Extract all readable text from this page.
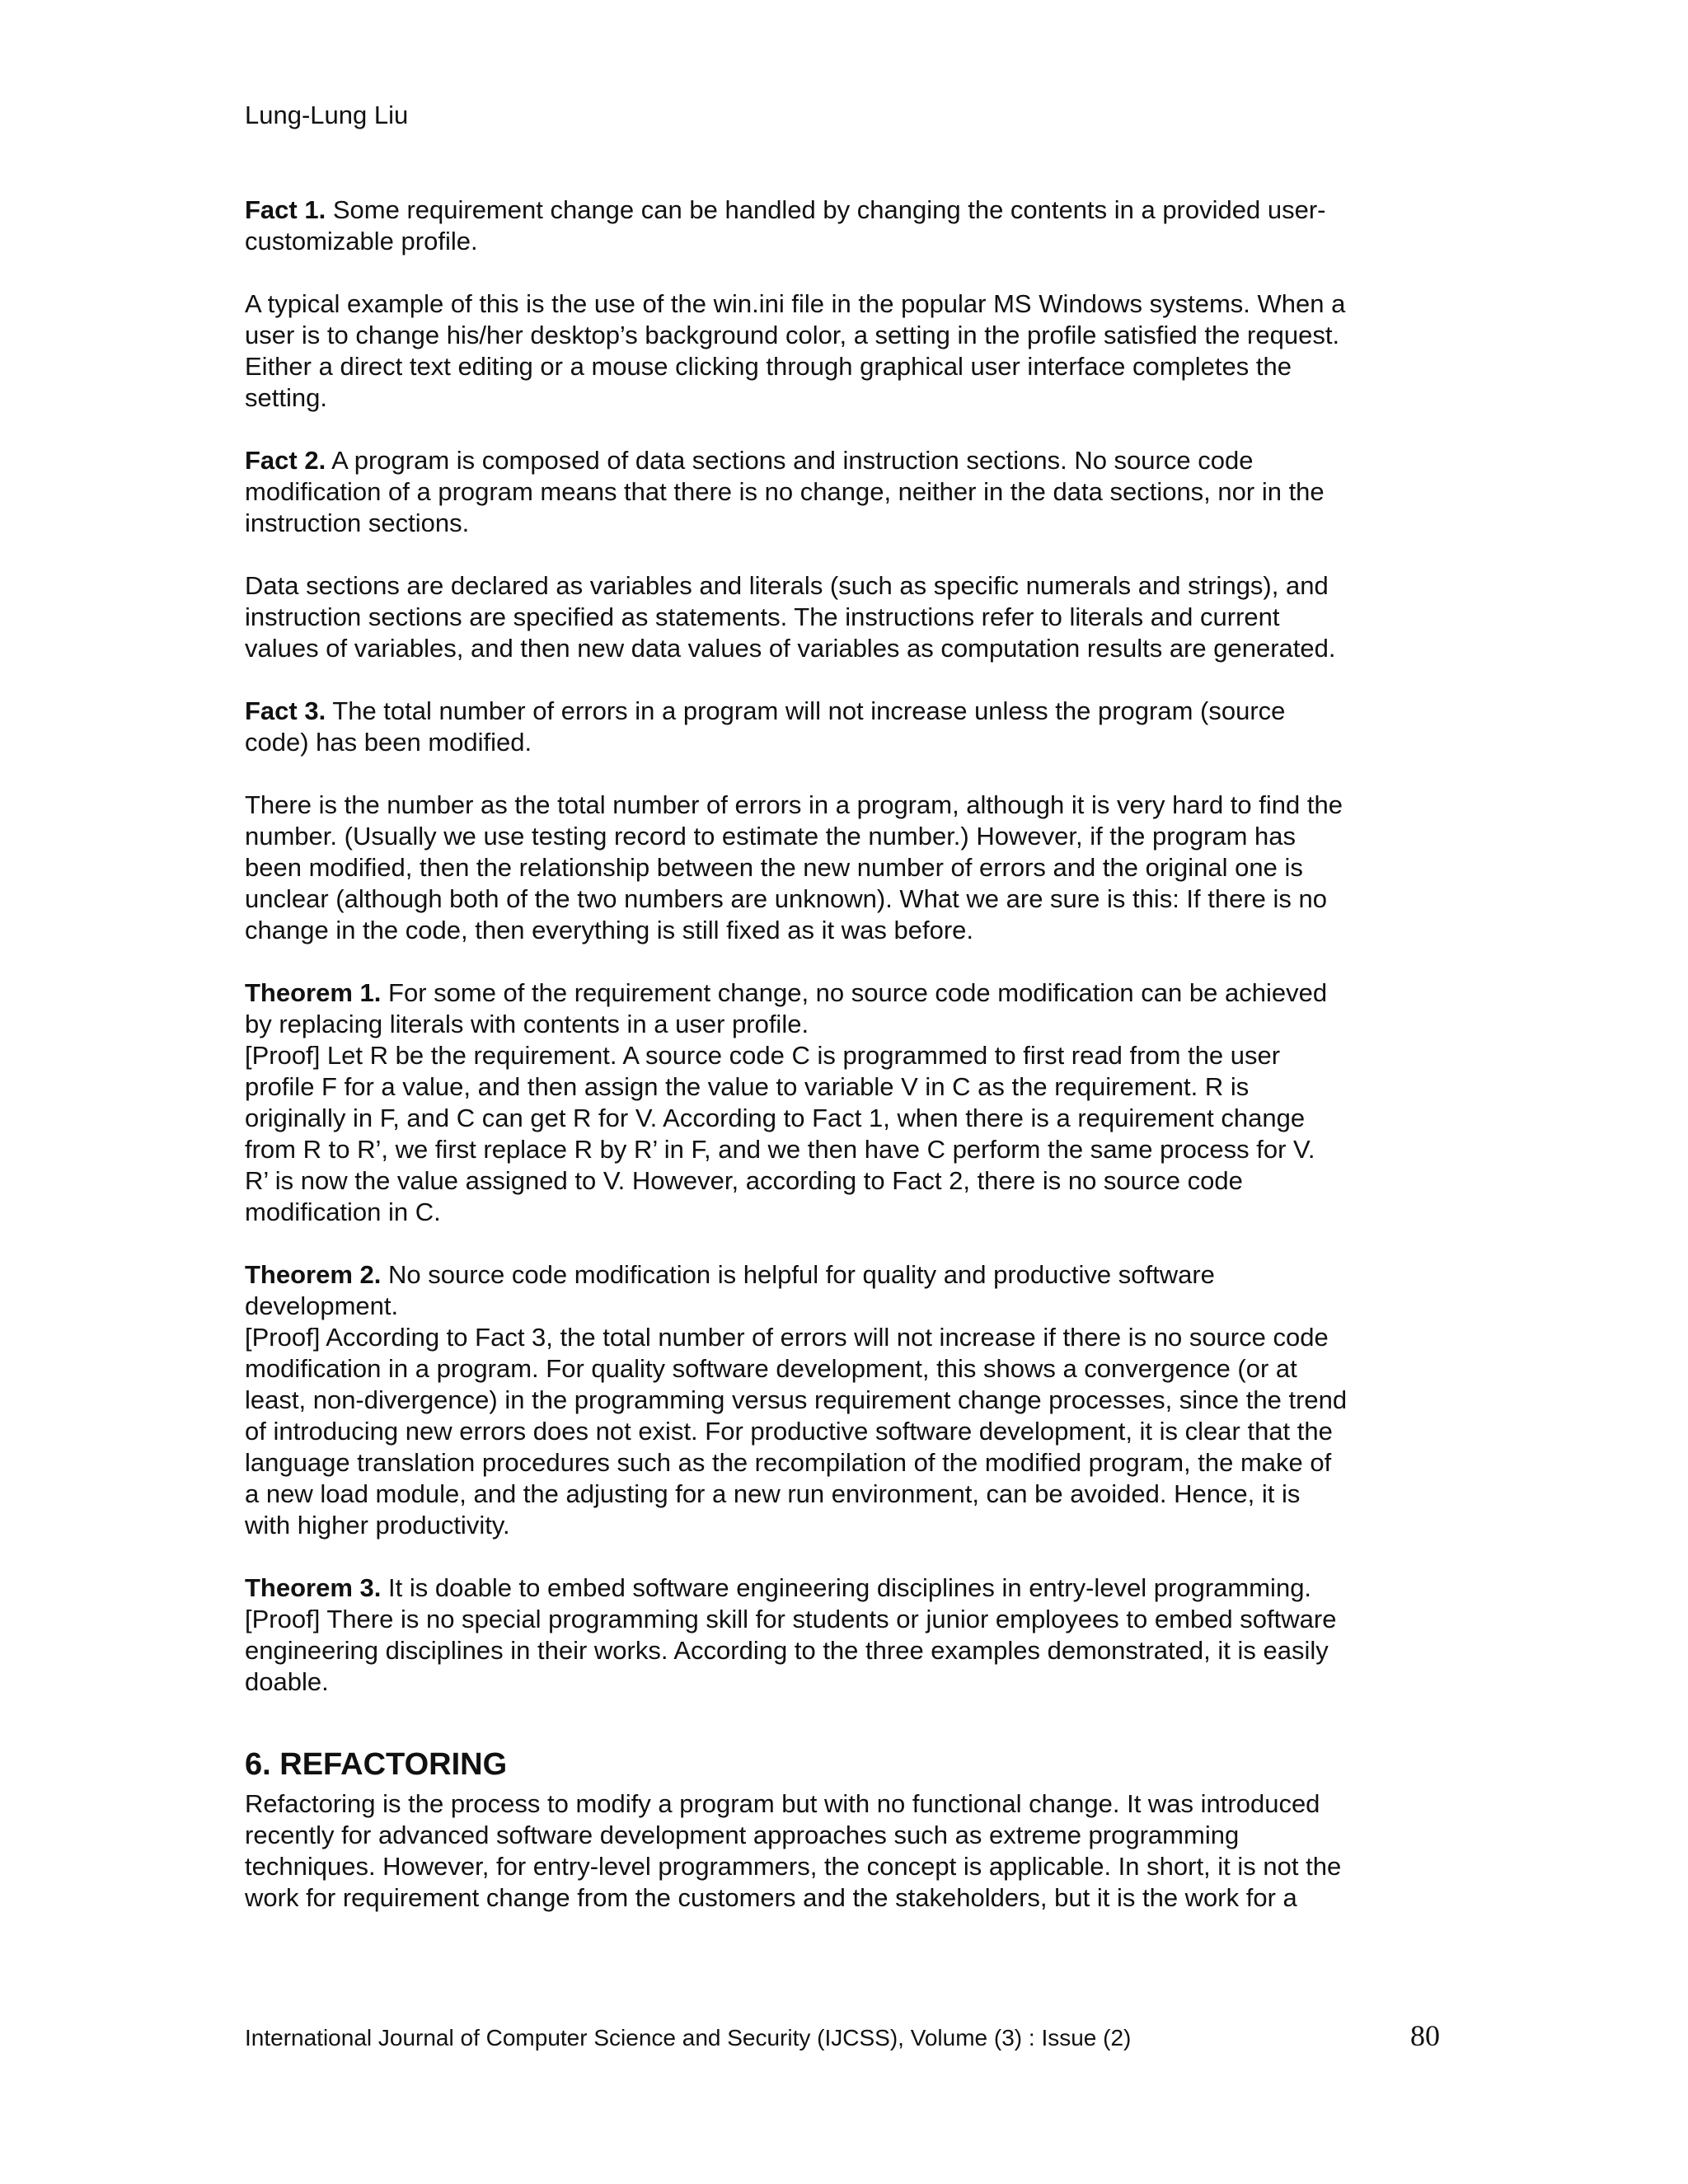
Lung-Lung Liu

Fact 1. Some requirement change can be handled by changing the contents in a provided user-
customizable profile.
A typical example of this is the use of the win.ini file in the popular MS Windows systems. When a
user is to change his/her desktop’s background color, a setting in the profile satisfied the request.
Either a direct text editing or a mouse clicking through graphical user interface completes the
setting.
Fact 2. A program is composed of data sections and instruction sections. No source code
modification of a program means that there is no change, neither in the data sections, nor in the
instruction sections.
Data sections are declared as variables and literals (such as specific numerals and strings), and
instruction sections are specified as statements. The instructions refer to literals and current
values of variables, and then new data values of variables as computation results are generated.
Fact 3. The total number of errors in a program will not increase unless the program (source
code) has been modified.
There is the number as the total number of errors in a program, although it is very hard to find the
number. (Usually we use testing record to estimate the number.) However, if the program has
been modified, then the relationship between the new number of errors and the original one is
unclear (although both of the two numbers are unknown). What we are sure is this: If there is no
change in the code, then everything is still fixed as it was before.
Theorem 1. For some of the requirement change, no source code modification can be achieved
by replacing literals with contents in a user profile.
[Proof] Let R be the requirement. A source code C is programmed to first read from the user
profile F for a value, and then assign the value to variable V in C as the requirement. R is
originally in F, and C can get R for V. According to Fact 1, when there is a requirement change
from R to R’, we first replace R by R’ in F, and we then have C perform the same process for V.
R’ is now the value assigned to V. However, according to Fact 2, there is no source code
modification in C.
Theorem 2. No source code modification is helpful for quality and productive software
development.
[Proof] According to Fact 3, the total number of errors will not increase if there is no source code
modification in a program. For quality software development, this shows a convergence (or at
least, non-divergence) in the programming versus requirement change processes, since the trend
of introducing new errors does not exist. For productive software development, it is clear that the
language translation procedures such as the recompilation of the modified program, the make of
a new load module, and the adjusting for a new run environment, can be avoided. Hence, it is
with higher productivity.
Theorem 3. It is doable to embed software engineering disciplines in entry-level programming.
[Proof] There is no special programming skill for students or junior employees to embed software
engineering disciplines in their works. According to the three examples demonstrated, it is easily
doable.
6. REFACTORING
Refactoring is the process to modify a program but with no functional change. It was introduced
recently for advanced software development approaches such as extreme programming
techniques. However, for entry-level programmers, the concept is applicable. In short, it is not the
work for requirement change from the customers and the stakeholders, but it is the work for a
International Journal of Computer Science and Security (IJCSS), Volume (3) : Issue (2)	80
